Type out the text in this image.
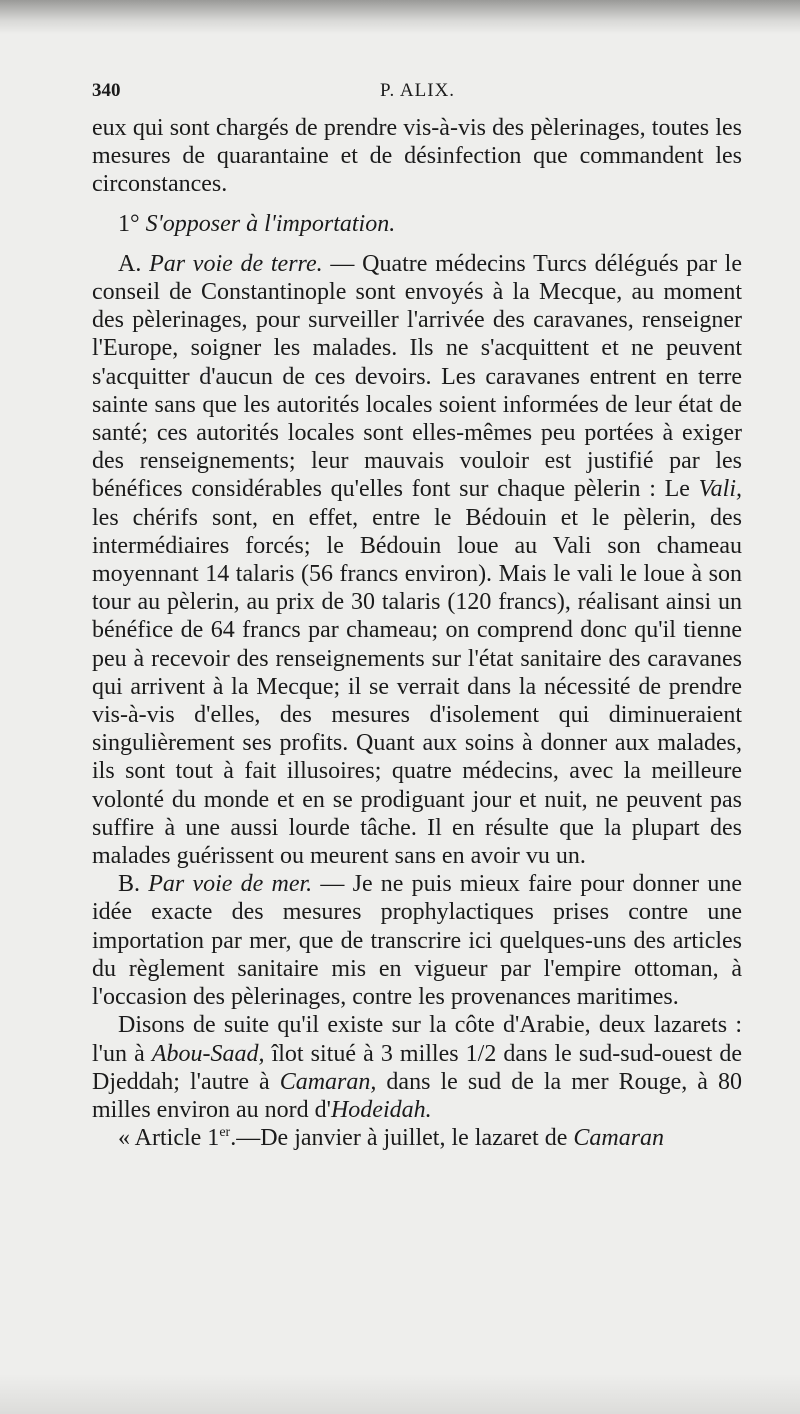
340	P. ALIX.

eux qui sont chargés de prendre vis-à-vis des pèlerinages, toutes les mesures de quarantaine et de désinfection que commandent les circonstances.

1° S'opposer à l'importation.

A. Par voie de terre. — Quatre médecins Turcs délégués par le conseil de Constantinople sont envoyés à la Mecque, au moment des pèlerinages, pour surveiller l'arrivée des caravanes, renseigner l'Europe, soigner les malades. Ils ne s'acquittent et ne peuvent s'acquitter d'aucun de ces devoirs. Les caravanes entrent en terre sainte sans que les autorités locales soient informées de leur état de santé; ces autorités locales sont elles-mêmes peu portées à exiger des renseignements; leur mauvais vouloir est justifié par les bénéfices considérables qu'elles font sur chaque pèlerin : Le Vali, les chérifs sont, en effet, entre le Bédouin et le pèlerin, des intermédiaires forcés; le Bédouin loue au Vali son chameau moyennant 14 talaris (56 francs environ). Mais le vali le loue à son tour au pèlerin, au prix de 30 talaris (120 francs), réalisant ainsi un bénéfice de 64 francs par chameau; on comprend donc qu'il tienne peu à recevoir des renseignements sur l'état sanitaire des caravanes qui arrivent à la Mecque; il se verrait dans la nécessité de prendre vis-à-vis d'elles, des mesures d'isolement qui diminueraient singulièrement ses profits. Quant aux soins à donner aux malades, ils sont tout à fait illusoires; quatre médecins, avec la meilleure volonté du monde et en se prodiguant jour et nuit, ne peuvent pas suffire à une aussi lourde tâche. Il en résulte que la plupart des malades guérissent ou meurent sans en avoir vu un.

B. Par voie de mer. — Je ne puis mieux faire pour donner une idée exacte des mesures prophylactiques prises contre une importation par mer, que de transcrire ici quelques-uns des articles du règlement sanitaire mis en vigueur par l'empire ottoman, à l'occasion des pèlerinages, contre les provenances maritimes.

Disons de suite qu'il existe sur la côte d'Arabie, deux lazarets : l'un à Abou-Saad, îlot situé à 3 milles 1/2 dans le sud-sud-ouest de Djeddah; l'autre à Camaran, dans le sud de la mer Rouge, à 80 milles environ au nord d'Hodeidah.

« Article 1er.—De janvier à juillet, le lazaret de Camaran
